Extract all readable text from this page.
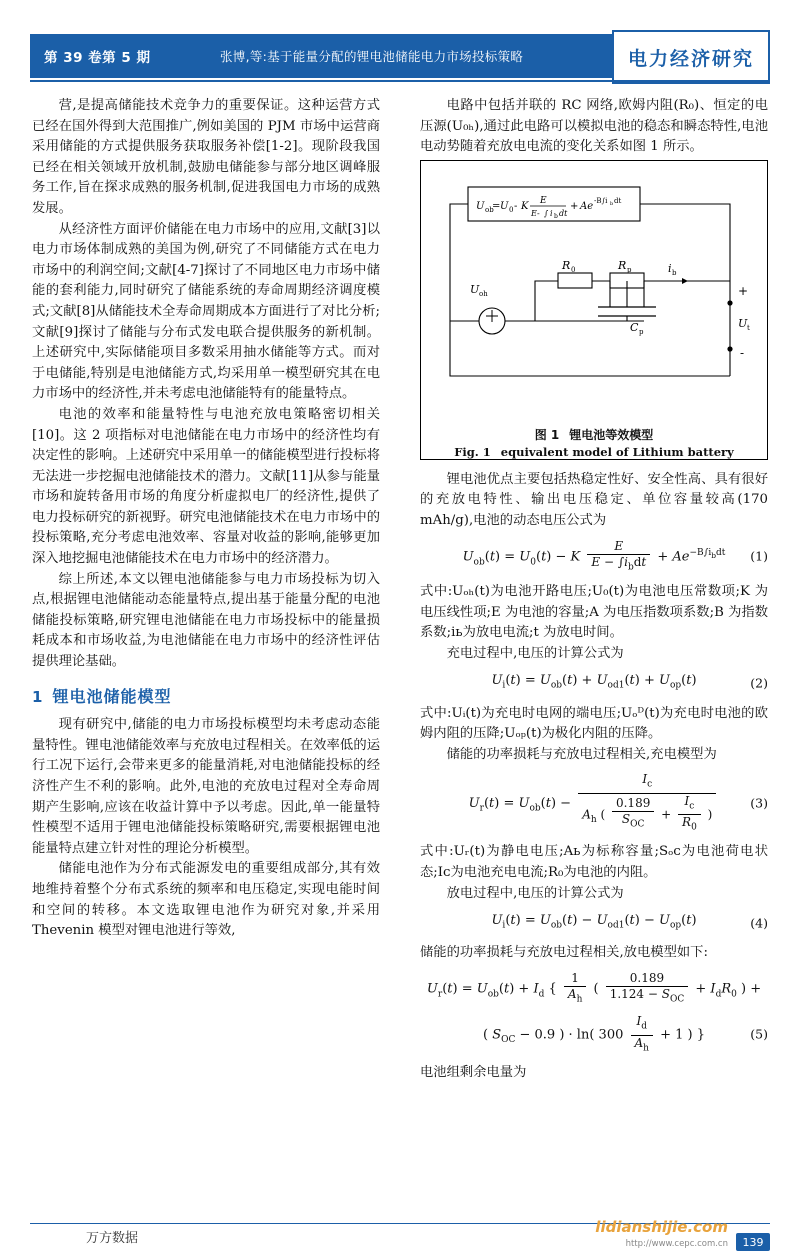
第 39 卷第 5 期	张博,等:基于能量分配的锂电池储能电力市场投标策略	电力经济研究

营,是提高储能技术竞争力的重要保证。这种运营方式已经在国外得到大范围推广,例如美国的 PJM 市场中运营商采用储能的方式提供服务获取服务补偿[1-2]。现阶段我国已经在相关领域开放机制,鼓励电储能参与部分地区调峰服务工作,旨在探求成熟的服务机制,促进我国电力市场的成熟发展。

从经济性方面评价储能在电力市场中的应用,文献[3]以电力市场体制成熟的美国为例,研究了不同储能方式在电力市场中的利润空间;文献[4-7]探讨了不同地区电力市场中储能的套利能力,同时研究了储能系统的寿命周期经济调度模式;文献[8]从储能技术全寿命周期成本方面进行了对比分析;文献[9]探讨了储能与分布式发电联合提供服务的新机制。上述研究中,实际储能项目多数采用抽水储能等方式。而对于电储能,特别是电池储能方式,均采用单一模型研究其在电力市场中的经济性,并未考虑电池储能特有的能量特点。

电池的效率和能量特性与电池充放电策略密切相关[10]。这 2 项指标对电池储能在电力市场中的经济性均有决定性的影响。上述研究中采用单一的储能模型进行投标将无法进一步挖掘电池储能技术的潜力。文献[11]从参与能量市场和旋转备用市场的角度分析虚拟电厂的经济性,提供了电力投标研究的新视野。研究电池储能技术在电力市场中的投标策略,充分考虑电池效率、容量对收益的影响,能够更加深入地挖掘电池储能技术在电力市场中的经济潜力。

综上所述,本文以锂电池储能参与电力市场投标为切入点,根据锂电池储能动态能量特点,提出基于能量分配的电池储能投标策略,研究锂电池储能在电力市场投标中的能量损耗成本和市场收益,为电池储能在电力市场中的经济性评估提供理论基础。

1 锂电池储能模型

现有研究中,储能的电力市场投标模型均未考虑动态能量特性。锂电池储能效率与充放电过程相关。在效率低的运行工况下运行,会带来更多的能量消耗,对电池储能投标的经济性产生不利的影响。此外,电池的充放电过程对全寿命周期产生影响,应该在收益计算中予以考虑。因此,单一能量特性模型不适用于锂电池储能投标策略研究,需要根据锂电池能量特点建立针对性的理论分析模型。

储能电池作为分布式能源发电的重要组成部分,其有效地维持着整个分布式系统的频率和电压稳定,实现电能时间和空间的转移。本文选取锂电池作为研究对象,并采用 Thevenin 模型对锂电池进行等效,

电路中包括并联的 RC 网络,欧姆内阻(R₀)、恒定的电压源(U₀ₕ),通过此电路可以模拟电池的稳态和瞬态特性,电池电动势随着充放电电流的变化关系如图 1 所示。

U ob
= U 0 - K E
E- ∫ i b dt
+ Ae -B∫i b dt
U oh
R 0	R p
C p
i b
+
-
U t
图 1 锂电池等效模型
Fig. 1 equivalent model of Lithium battery

锂电池优点主要包括热稳定性好、安全性高、具有很好的充放电特性、输出电压稳定、单位容量较高(170 mAh/g),电池的动态电压公式为

$U_{ob}(t) = U_0(t) - K \frac{E}{E - \int i_bdt} + Ae^{-B\int i_bdt}$ (1)

式中:Uₒₕ(t)为电池开路电压;U₀(t)为电池电压常数项;K 为电压线性项;E 为电池的容量;A 为电压指数项系数;B 为指数系数;iь为放电电流;t 为放电时间。

充电过程中,电压的计算公式为

$U_i(t) = U_{ob}(t) + U_{od1}(t) + U_{op}(t)$	(2)

式中:Uᵢ(t)为充电时电网的端电压;Uₒᴰ(t)为充电时电池的欧姆内阻的压降;Uₒₚ(t)为极化内阻的压降。

储能的功率损耗与充放电过程相关,充电模型为

$U_r(t) = U_{ob}(t) - \frac{I_c}{A_h ( \frac{0.189}{S_{OC}} + \frac{I_c}{R_0} )}$	(3)

式中:Uᵣ(t)为静电电压;Aь为标称容量;Sₒᴄ为电池荷电状态;Iᴄ为电池充电电流;R₀为电池的内阻。

放电过程中,电压的计算公式为

$U_i(t) = U_{ob}(t) - U_{od1}(t) - U_{op}(t)$	(4)

储能的功率损耗与充放电过程相关,放电模型如下:

$U_r(t) = U_{ob}(t) + I_d$ { $\frac{1}{A_h}$ ( $\frac{0.189}{1.124 - S_{OC}} + I_dR_0$ ) +
( $S_{OC} - 0.9$ ) · ln( $300 \frac{I_d}{A_h} + 1$ ) }	(5)

电池组剩余电量为

万方数据
lidianshijie.com
http://www.cepc.com.cn	139
